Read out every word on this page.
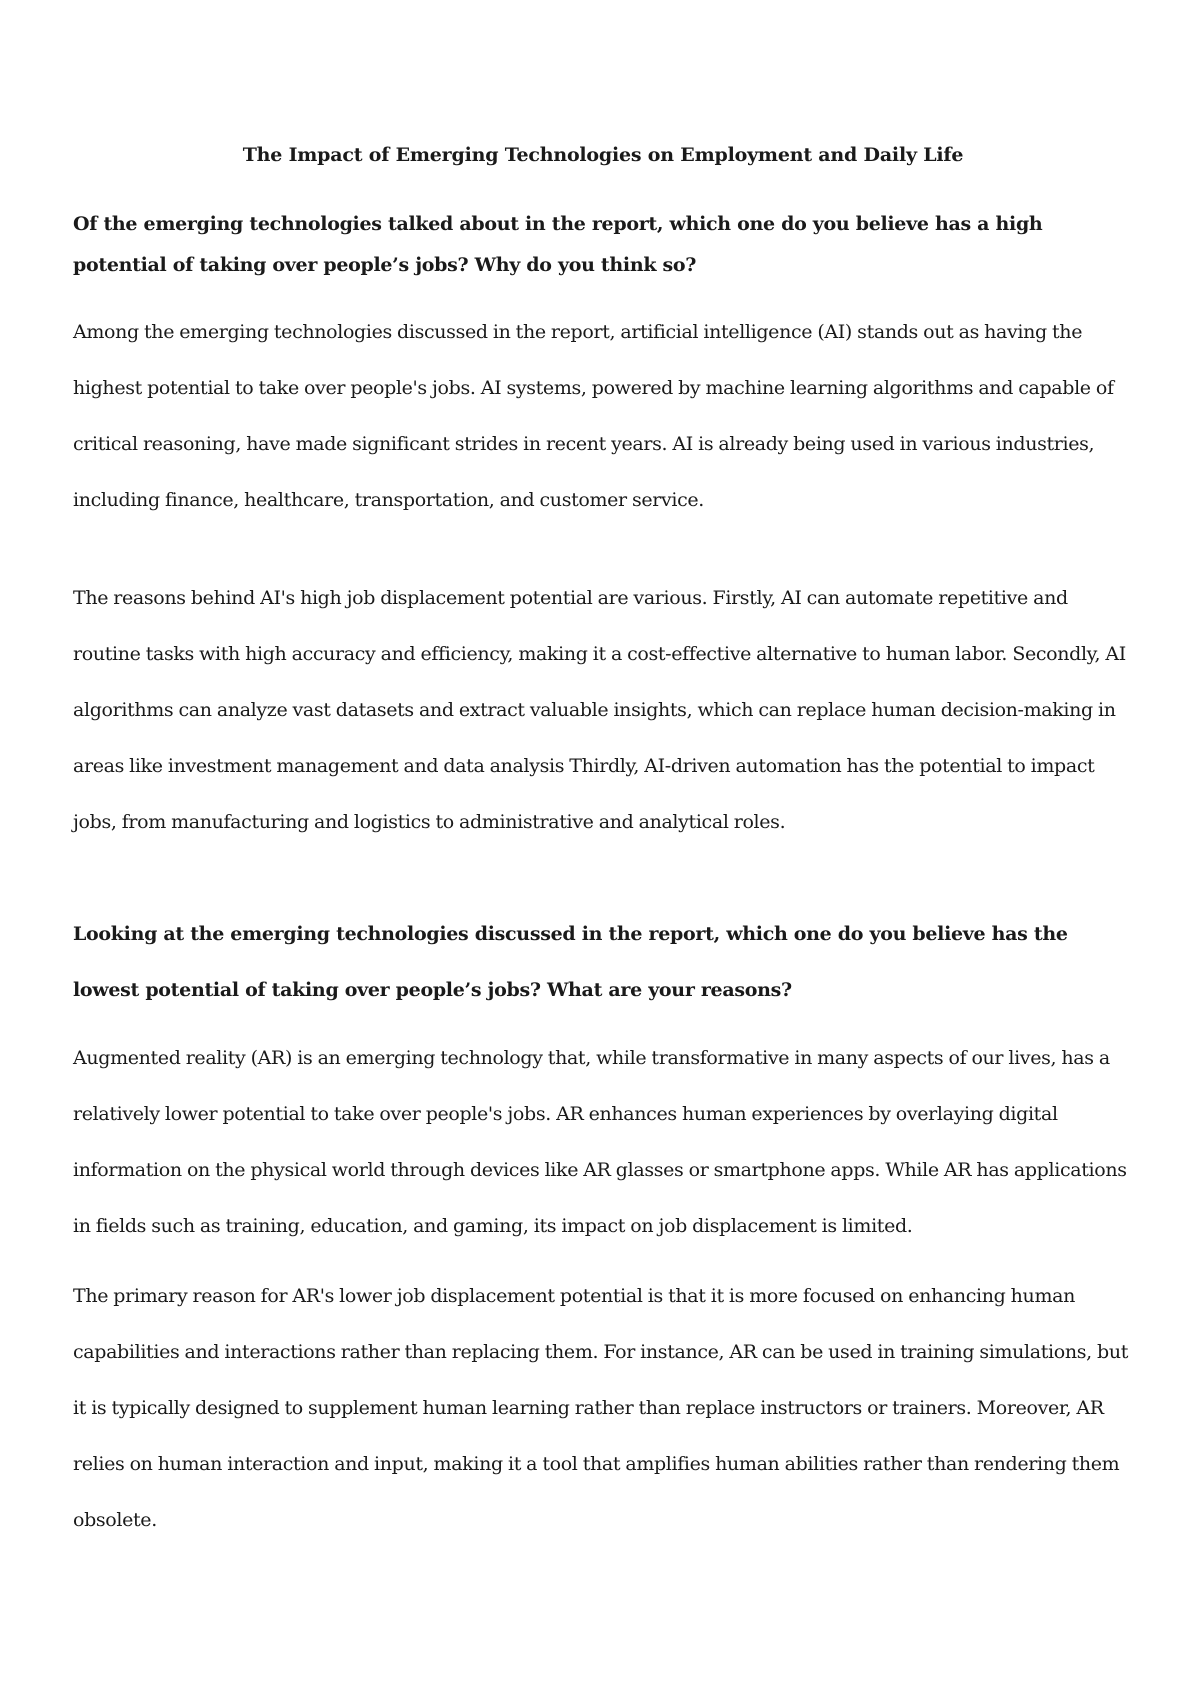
The Impact of Emerging Technologies on Employment and Daily Life

Of the emerging technologies talked about in the report, which one do you believe has a high potential of taking over people’s jobs? Why do you think so?

Among the emerging technologies discussed in the report, artificial intelligence (AI) stands out as having the highest potential to take over people's jobs. AI systems, powered by machine learning algorithms and capable of critical reasoning, have made significant strides in recent years. AI is already being used in various industries, including finance, healthcare, transportation, and customer service.

The reasons behind AI's high job displacement potential are various. Firstly, AI can automate repetitive and routine tasks with high accuracy and efficiency, making it a cost-effective alternative to human labor. Secondly, AI algorithms can analyze vast datasets and extract valuable insights, which can replace human decision-making in areas like investment management and data analysis Thirdly, AI-driven automation has the potential to impact jobs, from manufacturing and logistics to administrative and analytical roles.

Looking at the emerging technologies discussed in the report, which one do you believe has the lowest potential of taking over people’s jobs? What are your reasons?

Augmented reality (AR) is an emerging technology that, while transformative in many aspects of our lives, has a relatively lower potential to take over people's jobs. AR enhances human experiences by overlaying digital information on the physical world through devices like AR glasses or smartphone apps. While AR has applications in fields such as training, education, and gaming, its impact on job displacement is limited.

The primary reason for AR's lower job displacement potential is that it is more focused on enhancing human capabilities and interactions rather than replacing them. For instance, AR can be used in training simulations, but it is typically designed to supplement human learning rather than replace instructors or trainers. Moreover, AR relies on human interaction and input, making it a tool that amplifies human abilities rather than rendering them obsolete.
